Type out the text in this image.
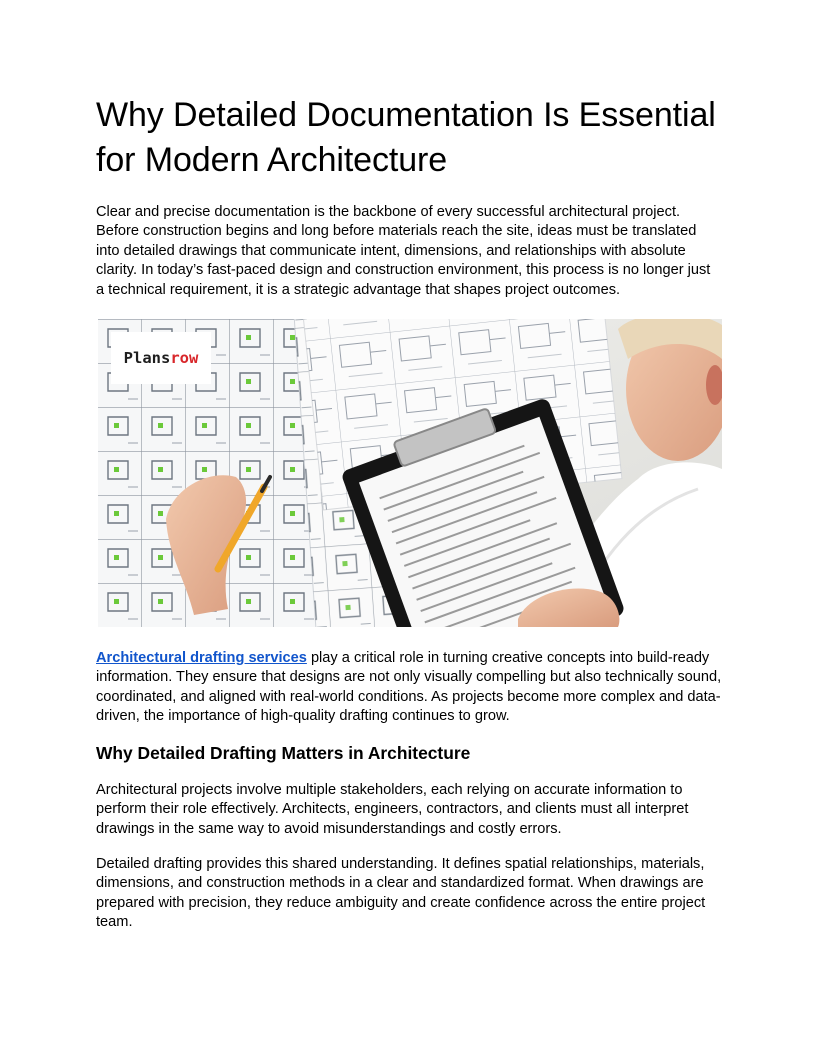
Why Detailed Documentation Is Essential for Modern Architecture

Clear and precise documentation is the backbone of every successful architectural project. Before construction begins and long before materials reach the site, ideas must be translated into detailed drawings that communicate intent, dimensions, and relationships with absolute clarity. In today’s fast-paced design and construction environment, this process is no longer just a technical requirement, it is a strategic advantage that shapes project outcomes.

Plans row

Architectural drafting services play a critical role in turning creative concepts into build-ready information. They ensure that designs are not only visually compelling but also technically sound, coordinated, and aligned with real-world conditions. As projects become more complex and data-driven, the importance of high-quality drafting continues to grow.

Why Detailed Drafting Matters in Architecture

Architectural projects involve multiple stakeholders, each relying on accurate information to perform their role effectively. Architects, engineers, contractors, and clients must all interpret drawings in the same way to avoid misunderstandings and costly errors.

Detailed drafting provides this shared understanding. It defines spatial relationships, materials, dimensions, and construction methods in a clear and standardized format. When drawings are prepared with precision, they reduce ambiguity and create confidence across the entire project team.
